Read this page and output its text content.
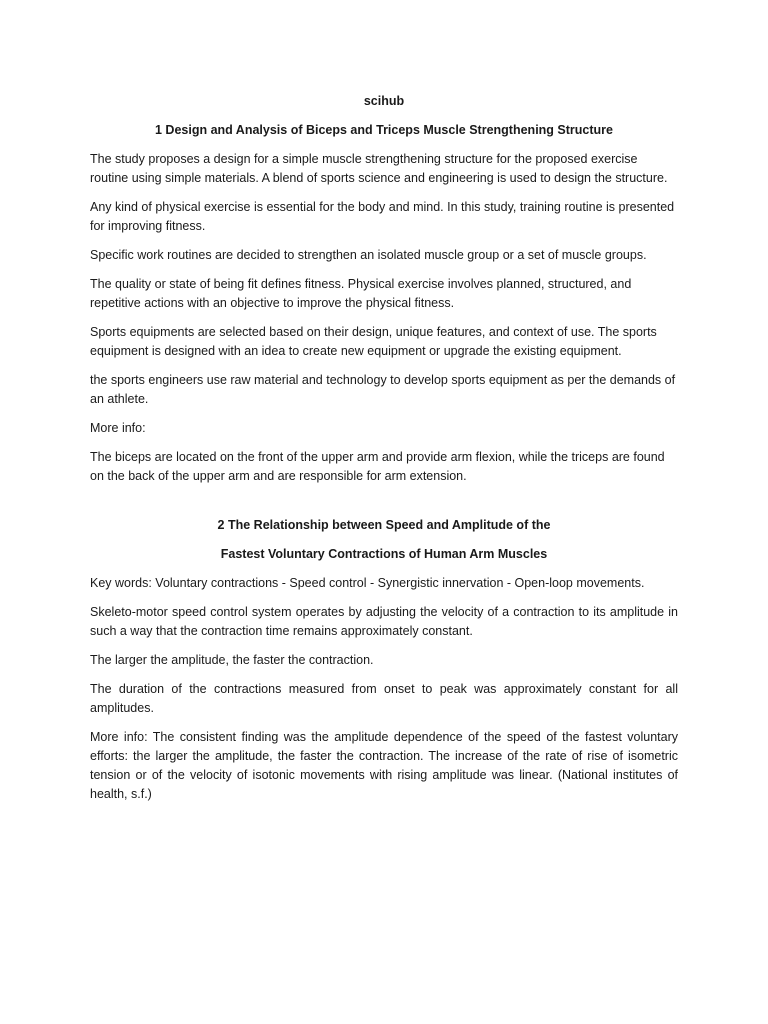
scihub
1 Design and Analysis of Biceps and Triceps Muscle Strengthening Structure

The study proposes a design for a simple muscle strengthening structure for the proposed exercise routine using simple materials. A blend of sports science and engineering is used to design the structure.

Any kind of physical exercise is essential for the body and mind. In this study, training routine is presented for improving fitness.

Specific work routines are decided to strengthen an isolated muscle group or a set of muscle groups.

The quality or state of being fit defines fitness. Physical exercise involves planned, structured, and repetitive actions with an objective to improve the physical fitness.

Sports equipments are selected based on their design, unique features, and context of use. The sports equipment is designed with an idea to create new equipment or upgrade the existing equipment.

the sports engineers use raw material and technology to develop sports equipment as per the demands of an athlete.

More info:

The biceps are located on the front of the upper arm and provide arm flexion, while the triceps are found on the back of the upper arm and are responsible for arm extension.

2 The Relationship between Speed and Amplitude of the
Fastest Voluntary Contractions of Human Arm Muscles

Key words: Voluntary contractions - Speed control - Synergistic innervation - Open-loop movements.

Skeleto-motor speed control system operates by adjusting the velocity of a contraction to its amplitude in such a way that the contraction time remains approximately constant.

The larger the amplitude, the faster the contraction.

The duration of the contractions measured from onset to peak was approximately constant for all amplitudes.

More info: The consistent finding was the amplitude dependence of the speed of the fastest voluntary efforts: the larger the amplitude, the faster the contraction. The increase of the rate of rise of isometric tension or of the velocity of isotonic movements with rising amplitude was linear. (National institutes of health, s.f.)
